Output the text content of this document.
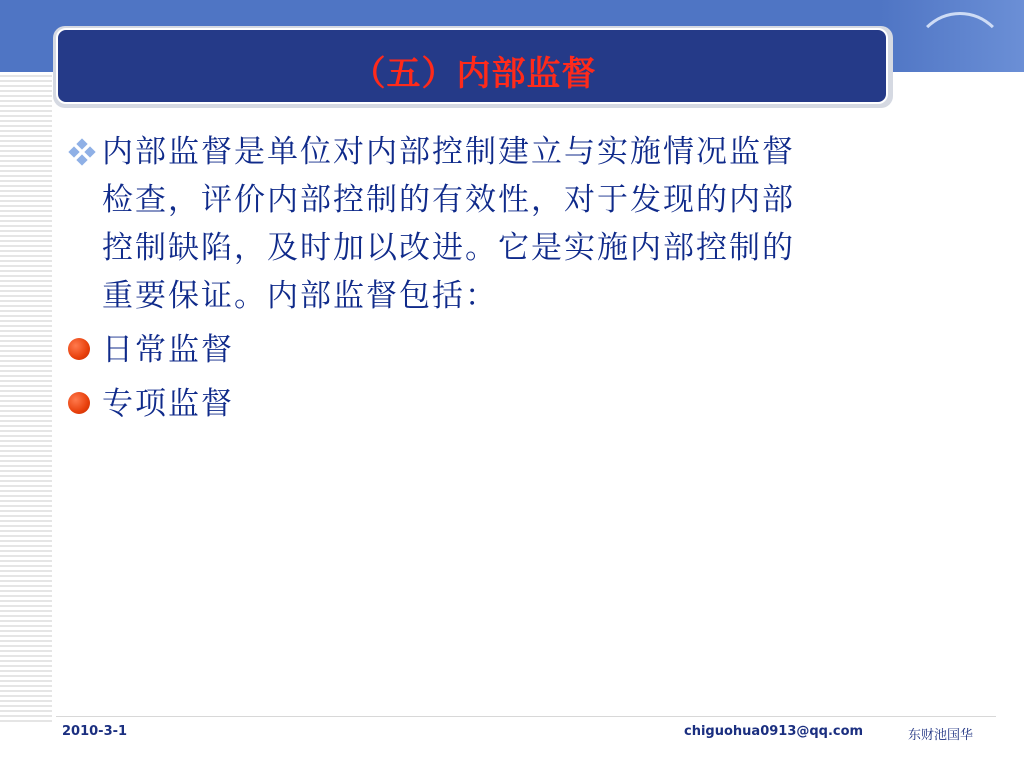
（五）内部监督
内部监督是单位对内部控制建立与实施情况监督
检查，评价内部控制的有效性，对于发现的内部
控制缺陷，及时加以改进。它是实施内部控制的
重要保证。内部监督包括：
日常监督
专项监督
2010-3-1	chiguohua0913@qq.com	东财池国华
